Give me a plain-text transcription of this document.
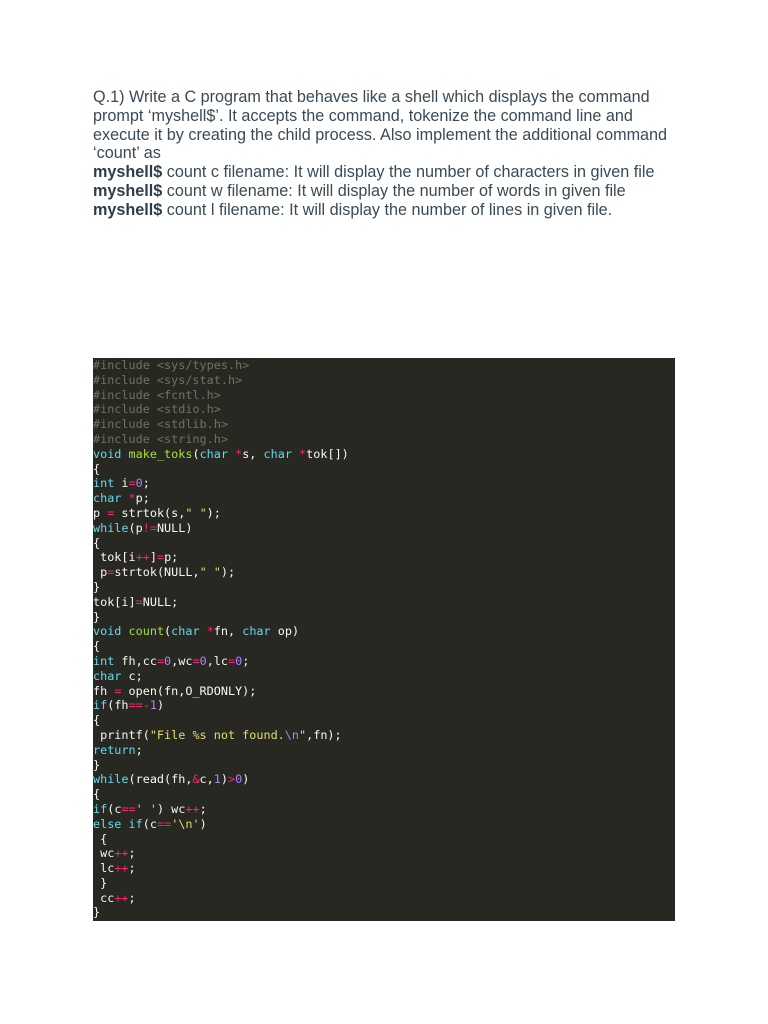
Q.1) Write a C program that behaves like a shell which displays the command prompt ‘myshell$’. It accepts the command, tokenize the command line and execute it by creating the child process. Also implement the additional command ‘count’ as

myshell$ count c filename: It will display the number of characters in given file

myshell$ count w filename: It will display the number of words in given file

myshell$ count l filename: It will display the number of lines in given file.

#include <sys/types.h>
#include <sys/stat.h>
#include <fcntl.h>
#include <stdio.h>
#include <stdlib.h>
#include <string.h>
void make_toks(char *s, char *tok[])
{
int i=0;
char *p;
p = strtok(s," ");
while(p!=NULL)
{
tok[i++]=p;
p=strtok(NULL," ");
}
tok[i]=NULL;
}
void count(char *fn, char op)
{
int fh,cc=0,wc=0,lc=0;
char c;
fh = open(fn,O_RDONLY);
if(fh==-1)
{
printf("File %s not found.\n",fn);
return;
}
while(read(fh,&c,1)>0)
{
if(c==' ') wc++;
else if(c=='\n')
{
wc++;
lc++;
}
cc++;
}
